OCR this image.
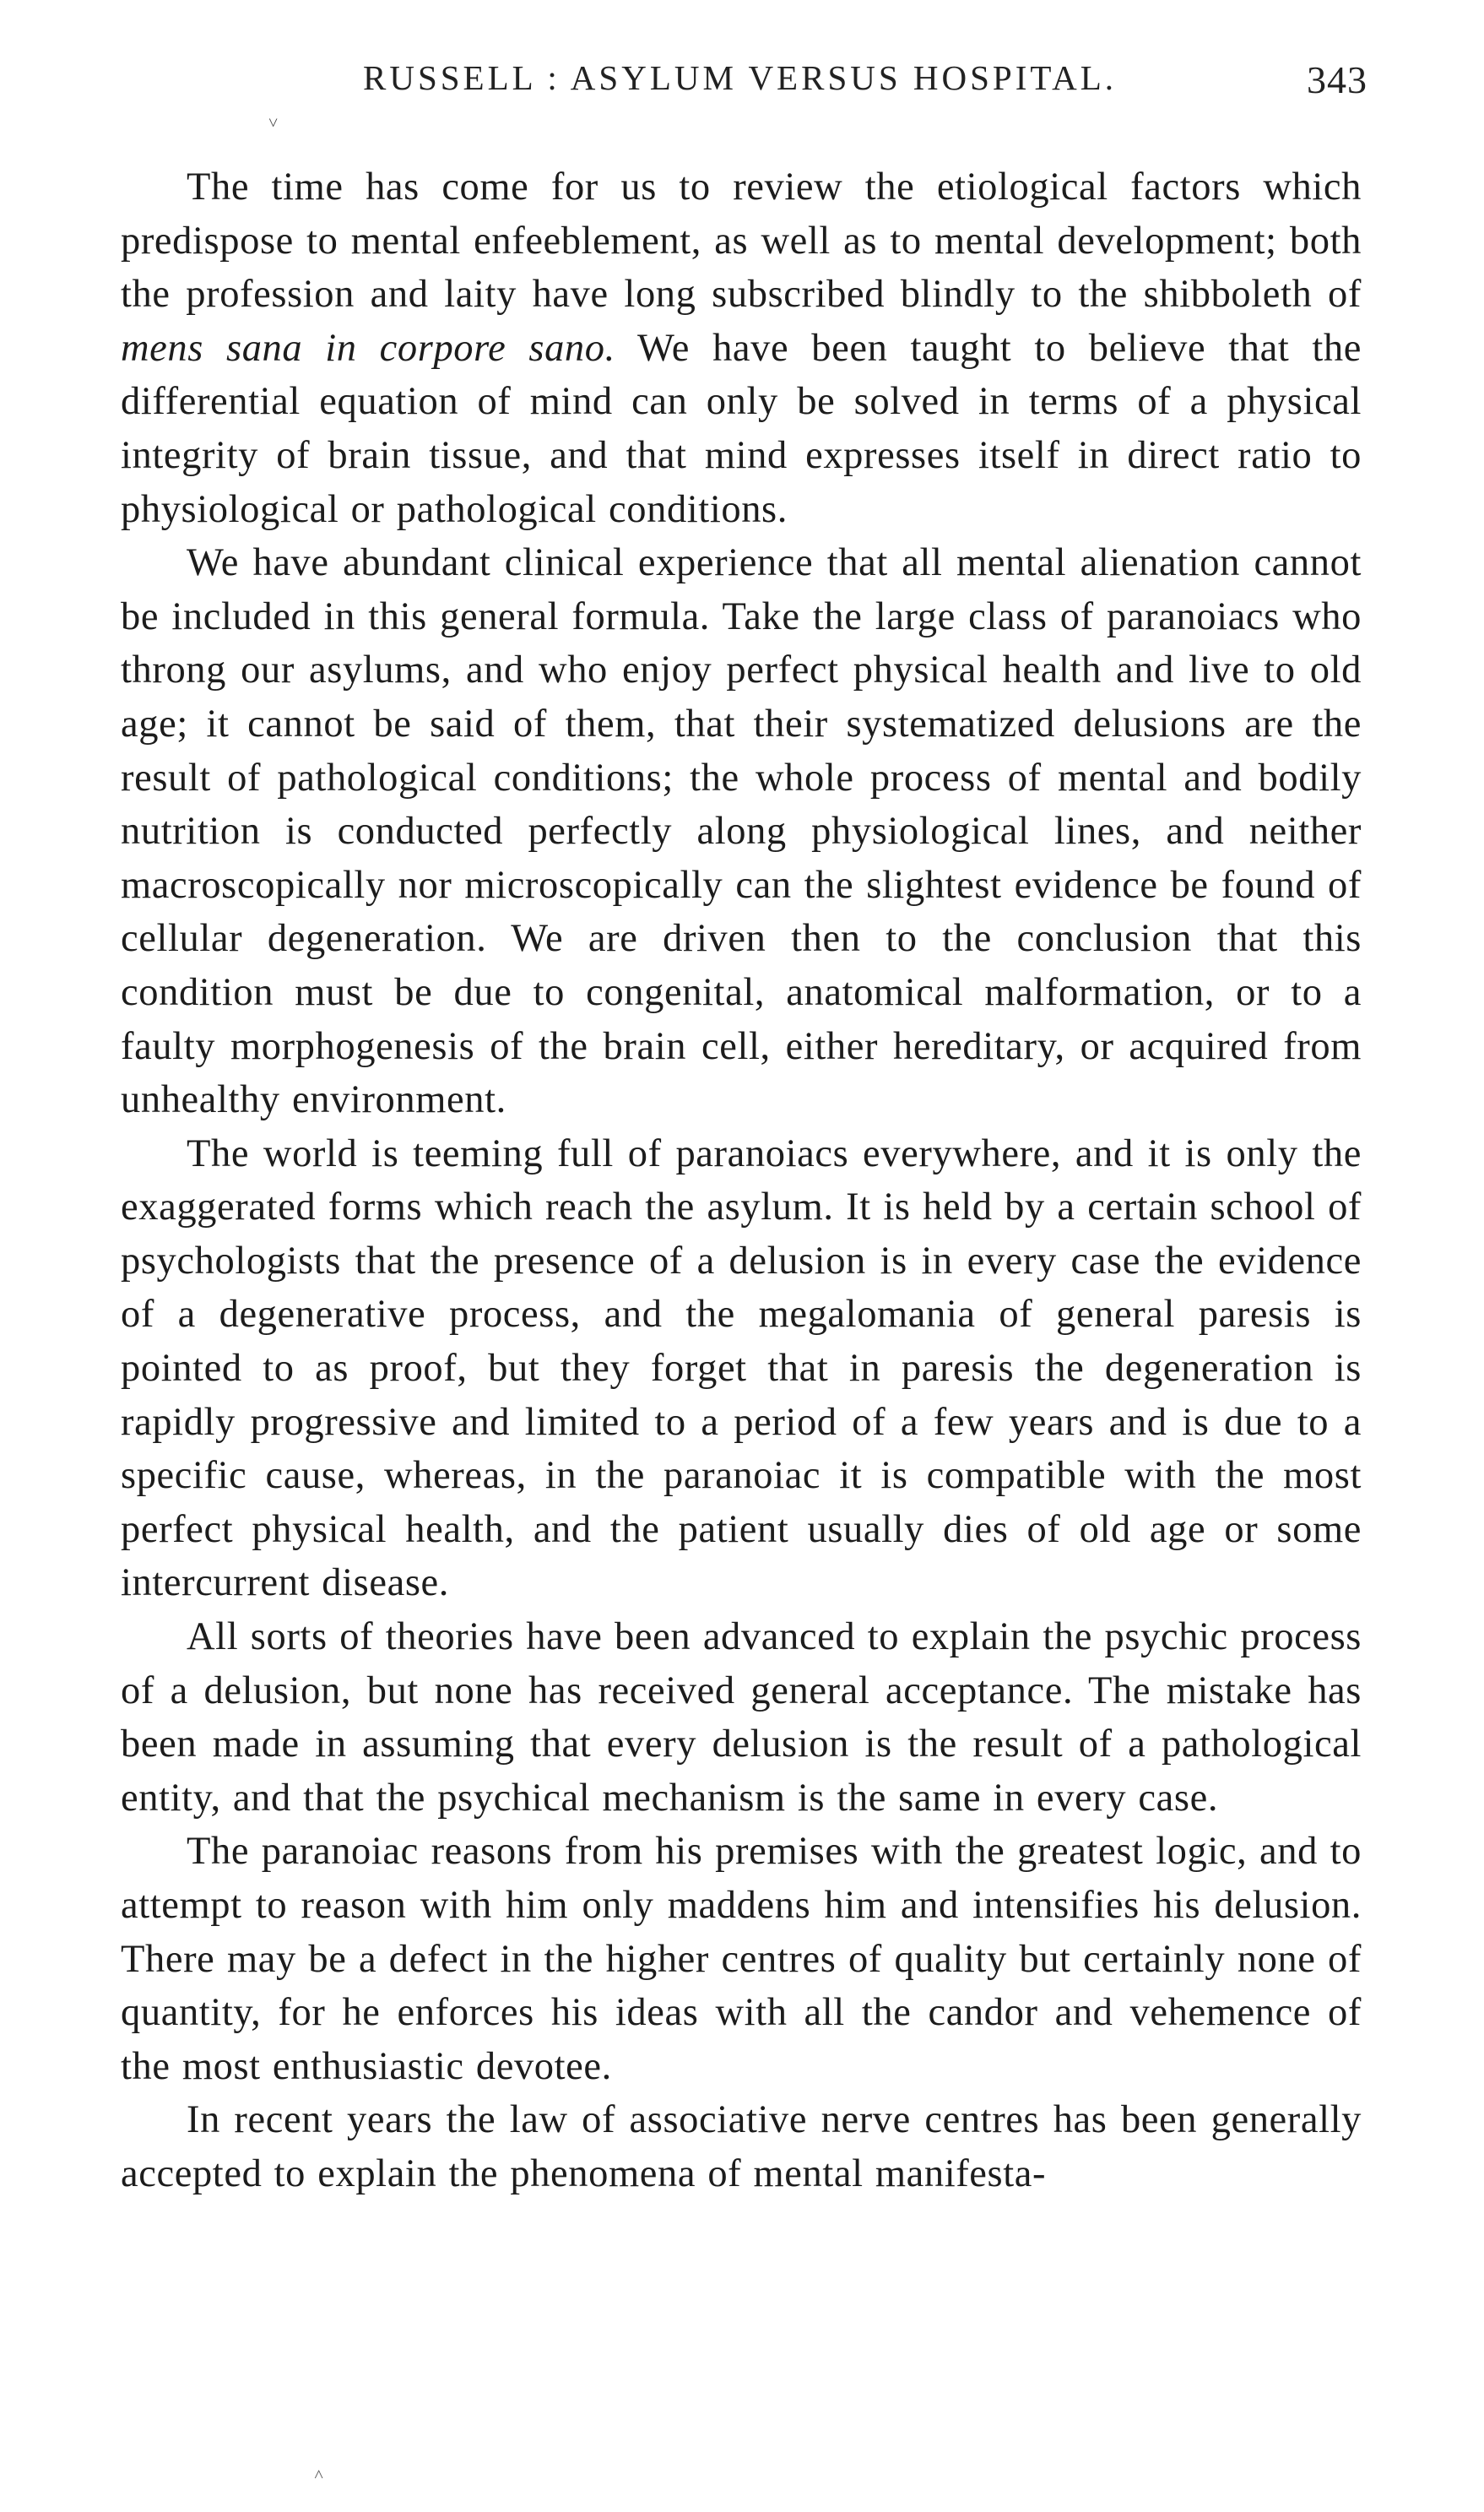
RUSSELL : ASYLUM VERSUS HOSPITAL.	343
˅

The time has come for us to review the etiological factors which predispose to mental enfeeblement, as well as to mental development; both the profession and laity have long subscribed blindly to the shibboleth of mens sana in corpore sano. We have been taught to believe that the differential equation of mind can only be solved in terms of a physical integrity of brain tissue, and that mind expresses itself in direct ratio to physiological or pathological conditions.

We have abundant clinical experience that all mental alienation cannot be included in this general formula. Take the large class of paranoiacs who throng our asylums, and who enjoy perfect physical health and live to old age; it cannot be said of them, that their systematized delusions are the result of pathological conditions; the whole process of mental and bodily nutrition is conducted perfectly along physiological lines, and neither macroscopically nor microscopically can the slightest evidence be found of cellular degeneration. We are driven then to the conclusion that this condition must be due to congenital, anatomical malformation, or to a faulty morphogenesis of the brain cell, either hereditary, or acquired from unhealthy environment.

The world is teeming full of paranoiacs everywhere, and it is only the exaggerated forms which reach the asylum. It is held by a certain school of psychologists that the presence of a delusion is in every case the evidence of a degenerative process, and the megalomania of general paresis is pointed to as proof, but they forget that in paresis the degeneration is rapidly progressive and limited to a period of a few years and is due to a specific cause, whereas, in the paranoiac it is compatible with the most perfect physical health, and the patient usually dies of old age or some intercurrent disease.

All sorts of theories have been advanced to explain the psychic process of a delusion, but none has received general acceptance. The mistake has been made in assuming that every delusion is the result of a pathological entity, and that the psychical mechanism is the same in every case.

The paranoiac reasons from his premises with the greatest logic, and to attempt to reason with him only maddens him and intensifies his delusion. There may be a defect in the higher centres of quality but certainly none of quantity, for he enforces his ideas with all the candor and vehemence of the most enthusiastic devotee.

In recent years the law of associative nerve centres has been generally accepted to explain the phenomena of mental manifesta-

˄
